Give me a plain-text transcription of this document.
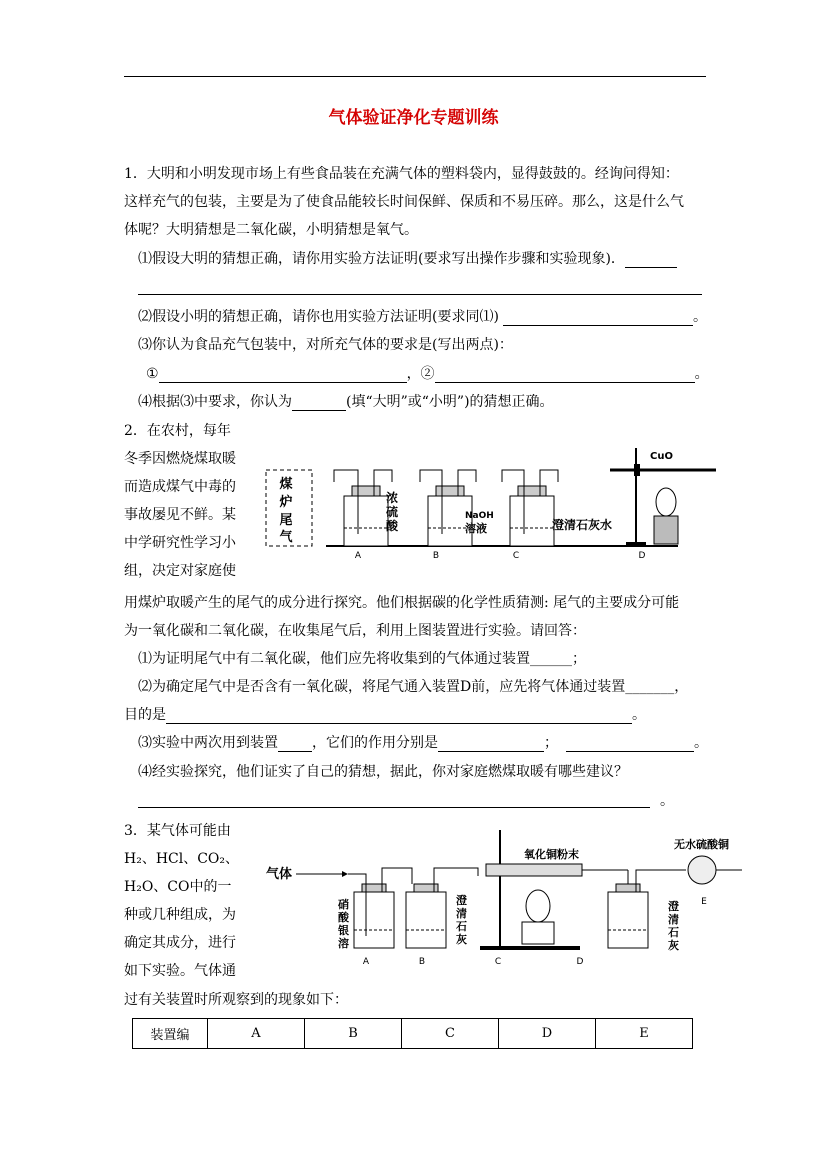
气体验证净化专题训练
1．大明和小明发现市场上有些食品装在充满气体的塑料袋内，显得鼓鼓的。经询问得知：
这样充气的包装，主要是为了使食品能较长时间保鲜、保质和不易压碎。那么，这是什么气
体呢？大明猜想是二氧化碳，小明猜想是氧气。
⑴假设大明的猜想正确，请你用实验方法证明(要求写出操作步骤和实验现象)．
⑵假设小明的猜想正确，请你也用实验方法证明(要求同⑴)	。
⑶你认为食品充气包装中，对所充气体的要求是(写出两点)：
①	，②	。
⑷根据⑶中要求，你认为	(填“大明”或“小明”)的猜想正确。
2．在农村，每年
冬季因燃烧煤取暖
而造成煤气中毒的
事故屡见不鲜。某
中学研究性学习小
组，决定对家庭使
煤
炉
尾
气
浓
硫
酸
NaOH
溶液	澄清石灰水
CuO
A	B	C	D
用煤炉取暖产生的尾气的成分进行探究。他们根据碳的化学性质猜测: 尾气的主要成分可能
为一氧化碳和二氧化碳，在收集尾气后，利用上图装置进行实验。请回答：
⑴为证明尾气中有二氧化碳，他们应先将收集到的气体通过装置______；
⑵为确定尾气中是否含有一氧化碳，将尾气通入装置D前，应先将气体通过装置_______，
目的是	。
⑶实验中两次用到装置 ，它们的作用分别是	；	。
⑷经实验探究，他们证实了自己的猜想，据此，你对家庭燃煤取暖有哪些建议？
。
3．某气体可能由
H₂、HCl、CO₂、
H₂O、CO中的一
种或几种组成，为
确定其成分，进行
如下实验。气体通
气体
硝
酸
银
溶
澄
清
石
灰
氧化铜粉末
澄
清
石
灰
无水硫酸铜
A	B	C	D
E
过有关装置时所观察到的现象如下：
装置编	A	B	C	D	E
